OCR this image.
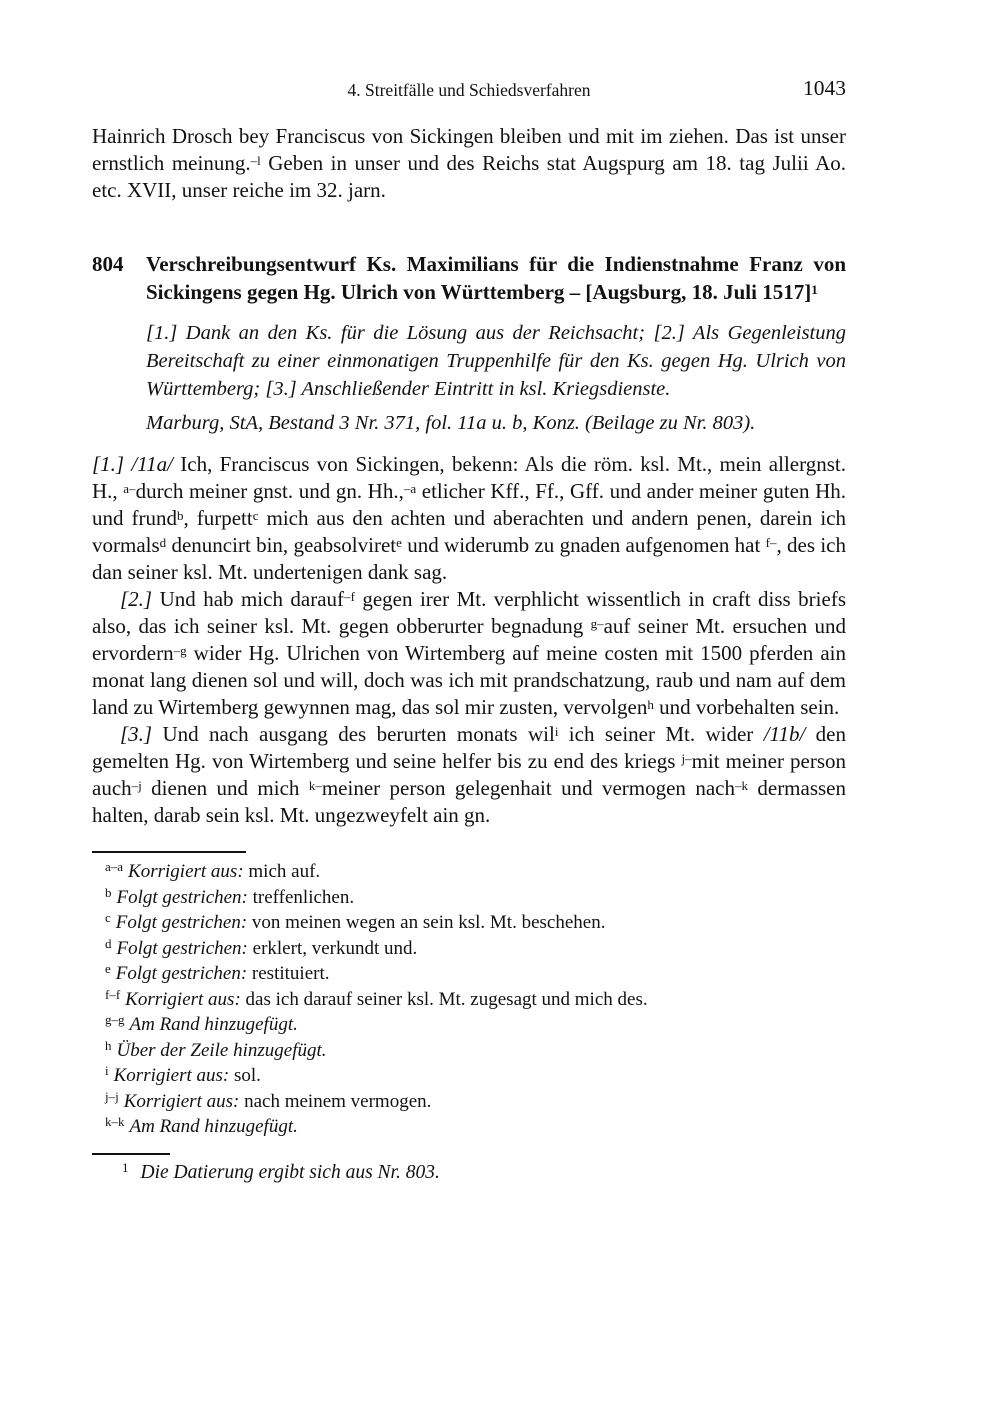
4. Streitfälle und Schiedsverfahren	1043

Hainrich Drosch bey Franciscus von Sickingen bleiben und mit im ziehen. Das ist unser ernstlich meinung.$^{-l}$ Geben in unser und des Reichs stat Augspurg am 18. tag Julii Ao. etc. XVII, unser reiche im 32. jarn.

804	Verschreibungsentwurf Ks. Maximilians für die Indienstnahme Franz von Sickingens gegen Hg. Ulrich von Württemberg – [Augsburg, 18. Juli 1517]$^1$

[1.] Dank an den Ks. für die Lösung aus der Reichsacht; [2.] Als Gegenleistung Bereitschaft zu einer einmonatigen Truppenhilfe für den Ks. gegen Hg. Ulrich von Württemberg; [3.] Anschließender Eintritt in ksl. Kriegsdienste.

Marburg, StA, Bestand 3 Nr. 371, fol. 11a u. b, Konz. (Beilage zu Nr. 803).

[1.] /11a/ Ich, Franciscus von Sickingen, bekenn: Als die röm. ksl. Mt., mein allergnst. H., $^{a-}$durch meiner gnst. und gn. Hh.,$^{-a}$ etlicher Kff., Ff., Gff. und ander meiner guten Hh. und frund$^b$, furpett$^c$ mich aus den achten und aberachten und andern penen, darein ich vormals$^d$ denuncirt bin, geabsolviret$^e$ und widerumb zu gnaden aufgenomen hat $^{f-}$, des ich dan seiner ksl. Mt. undertenigen dank sag.

[2.] Und hab mich darauf$^{-f}$ gegen irer Mt. verphlicht wissentlich in craft diss briefs also, das ich seiner ksl. Mt. gegen obberurter begnadung $^{g-}$auf seiner Mt. ersuchen und ervordern$^{-g}$ wider Hg. Ulrichen von Wirtemberg auf meine costen mit 1500 pferden ain monat lang dienen sol und will, doch was ich mit prandschatzung, raub und nam auf dem land zu Wirtemberg gewynnen mag, das sol mir zusten, vervolgen$^h$ und vorbehalten sein.

[3.] Und nach ausgang des berurten monats wil$^i$ ich seiner Mt. wider /11b/ den gemelten Hg. von Wirtemberg und seine helfer bis zu end des kriegs $^{j-}$mit meiner person auch$^{-j}$ dienen und mich $^{k-}$meiner person gelegenhait und vermogen nach$^{-k}$ dermassen halten, darab sein ksl. Mt. ungezweyfelt ain gn.

a–a Korrigiert aus: mich auf.
b Folgt gestrichen: treffenlichen.
c Folgt gestrichen: von meinen wegen an sein ksl. Mt. beschehen.
d Folgt gestrichen: erklert, verkundt und.
e Folgt gestrichen: restituiert.
f–f Korrigiert aus: das ich darauf seiner ksl. Mt. zugesagt und mich des.
g–g Am Rand hinzugefügt.
h Über der Zeile hinzugefügt.
i Korrigiert aus: sol.
j–j Korrigiert aus: nach meinem vermogen.
k–k Am Rand hinzugefügt.
1 Die Datierung ergibt sich aus Nr. 803.
